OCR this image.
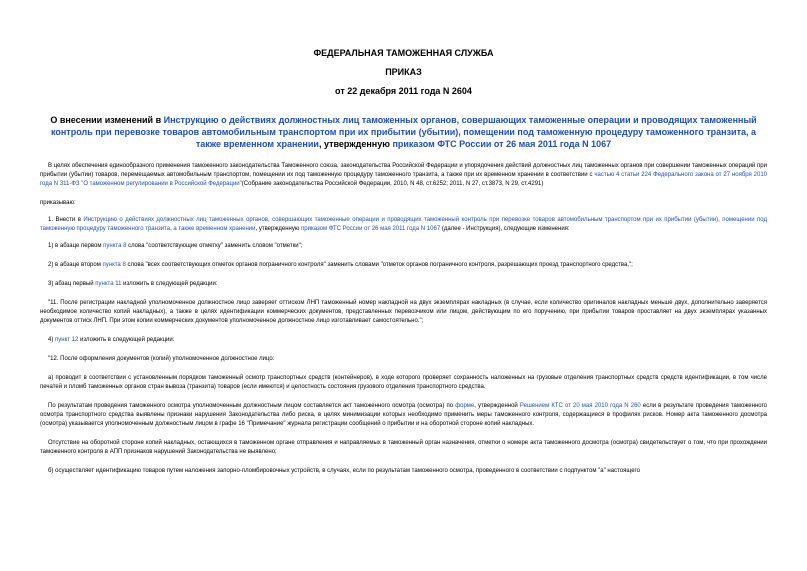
ФЕДЕРАЛЬНАЯ ТАМОЖЕННАЯ СЛУЖБА
ПРИКАЗ
от 22 декабря 2011 года N 2604
О внесении изменений в Инструкцию о действиях должностных лиц таможенных органов, совершающих таможенные операции и проводящих таможенный контроль при перевозке товаров автомобильным транспортом при их прибытии (убытии), помещении под таможенную процедуру таможенного транзита, а также временном хранении, утвержденную приказом ФТС России от 26 мая 2011 года N 1067

В целях обеспечения единообразного применения таможенного законодательства Таможенного союза, законодательства Российской Федерации и упорядочения действий должностных лиц таможенных органов при совершении таможенных операций при прибытии (убытии) товаров, перемещаемых автомобильным транспортом, помещении их под таможенную процедуру таможенного транзита, а также при их временном хранении в соответствии с частью 4 статьи 224 Федерального закона от 27 ноября 2010 года N 311-ФЗ "О таможенном регулировании в Российской Федерации"(Собрание законодательства Российской Федерации, 2010, N 48, ст.6252; 2011, N 27, ст.3873, N 29, ст.4291)

приказываю:

1. Внести в Инструкцию о действиях должностных лиц таможенных органов, совершающих таможенные операции и проводящих таможенный контроль при перевозке товаров автомобильным транспортом при их прибытии (убытии), помещении под таможенную процедуру таможенного транзита, а также временном хранении, утвержденную приказом ФТС России от 26 мая 2011 года N 1067 (далее - Инструкция), следующие изменения:

1) в абзаце первом пункта 8 слова "соответствующие отметку" заменить словом "отметки";

2) в абзаце втором пункта 8 слова "всех соответствующих отметок органов пограничного контроля" заменить словами "отметок органов пограничного контроля, разрешающих проезд транспортного средства,";

3) абзац первый пункта 11 изложить в следующей редакции:

"11. После регистрации накладной уполномоченное должностное лицо заверяет оттиском ЛНП таможенный номер накладной на двух экземплярах накладных (в случае, если количество оригиналов накладных меньше двух, дополнительно заверяется необходимое количество копий накладных), а также в целях идентификации коммерческих документов, представленных перевозчиком или лицом, действующим по его поручению, при прибытии товаров проставляет на двух экземплярах указанных документов оттиск ЛНП. При этом копии коммерческих документов уполномоченное должностное лицо изготавливает самостоятельно.";

4) пункт 12 изложить в следующей редакции:

"12. После оформления документов (копий) уполномоченное должностное лицо:

а) проводит в соответствии с установленным порядком таможенный осмотр транспортных средств (контейнеров), в ходе которого проверяет сохранность наложенных на грузовые отделения транспортных средств средств идентификации, в том числе печатей и пломб таможенных органов стран вывоза (транзита) товаров (если имеются) и целостность состояния грузового отделения транспортного средства.

По результатам проведения таможенного осмотра уполномоченным должностным лицом составляется акт таможенного осмотра (осмотра) по форме, утвержденной Решением КТС от 20 мая 2010 года N 260 если в результате проведения таможенного осмотра транспортного средства выявлены признаки нарушения Законодательства либо риска, в целях минимизации которых необходимо применить меры таможенного контроля, содержащиеся в профилях рисков. Номер акта таможенного досмотра (осмотра) указывается уполномоченным должностным лицом в графе 16 "Примечание" журнала регистрации сообщений о прибытии и на оборотной стороне копий накладных.

Отсутствие на оборотной стороне копий накладных, остающихся в таможенном органе отправления и направляемых в таможенный орган назначения, отметки о номере акта таможенного досмотра (осмотра) свидетельствует о том, что при прохождении таможенного контроля в АПП признаков нарушений Законодательства не выявлено;

б) осуществляет идентификацию товаров путем наложения запорно-пломбировочных устройств, в случаях, если по результатам таможенного осмотра, проведенного в соответствии с подпунктом "а" настоящего
